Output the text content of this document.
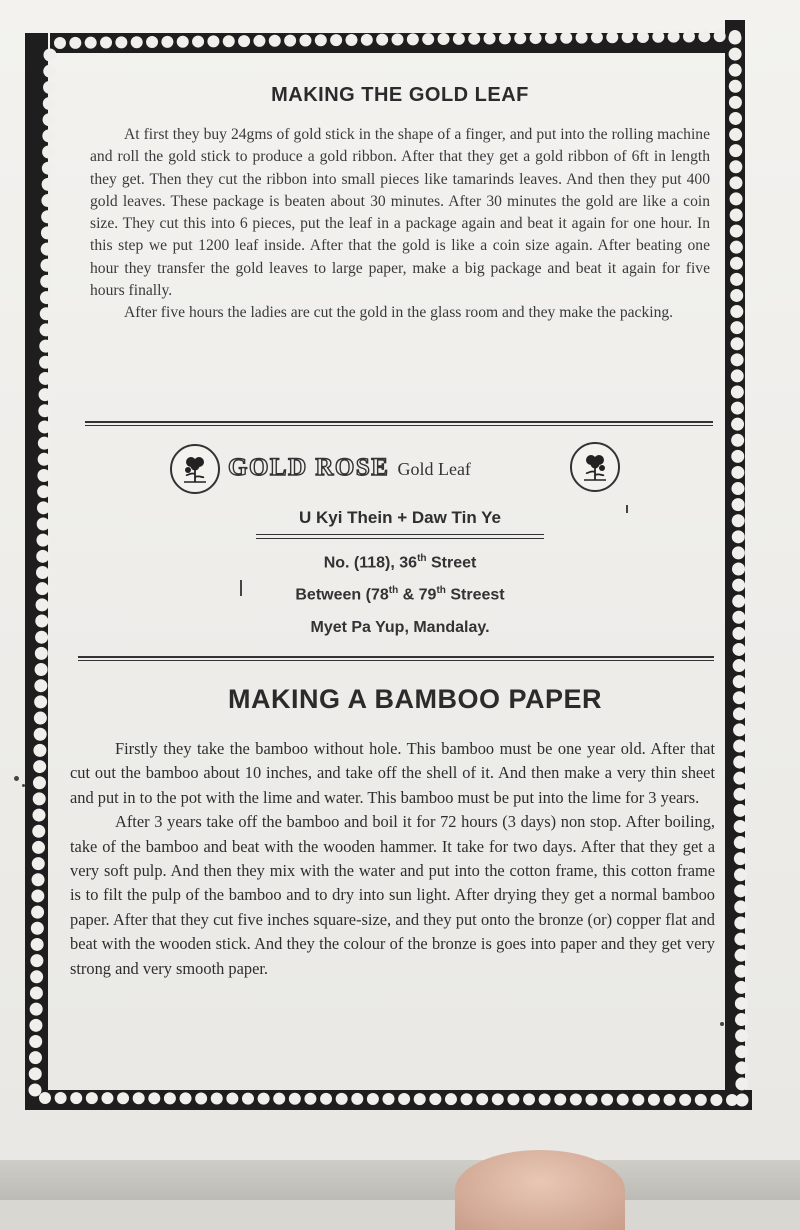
MAKING THE GOLD LEAF

At first they buy 24gms of gold stick in the shape of a finger, and put into the rolling machine and roll the gold stick to produce a gold ribbon. After that they get a gold ribbon of 6ft in length they get. Then they cut the ribbon into small pieces like tamarinds leaves. And then they put 400 gold leaves. These package is beaten about 30 minutes. After 30 minutes the gold are like a coin size. They cut this into 6 pieces, put the leaf in a package again and beat it again for one hour. In this step we put 1200 leaf inside. After that the gold is like a coin size again. After beating one hour they transfer the gold leaves to large paper, make a big package and beat it again for five hours finally.

After five hours the ladies are cut the gold in the glass room and they make the packing.

GOLD ROSE Gold Leaf
U Kyi Thein + Daw Tin Ye
No. (118), 36th Street
Between (78th & 79th Streest
Myet Pa Yup, Mandalay.
MAKING A BAMBOO PAPER

Firstly they take the bamboo without hole. This bamboo must be one year old. After that cut out the bamboo about 10 inches, and take off the shell of it. And then make a very thin sheet and put in to the pot with the lime and water. This bamboo must be put into the lime for 3 years.

After 3 years take off the bamboo and boil it for 72 hours (3 days) non stop. After boiling, take of the bamboo and beat with the wooden hammer. It take for two days. After that they get a very soft pulp. And then they mix with the water and put into the cotton frame, this cotton frame is to filt the pulp of the bamboo and to dry into sun light. After drying they get a normal bamboo paper. After that they cut five inches square-size, and they put onto the bronze (or) copper flat and beat with the wooden stick. And they the colour of the bronze is goes into paper and they get very strong and very smooth paper.
